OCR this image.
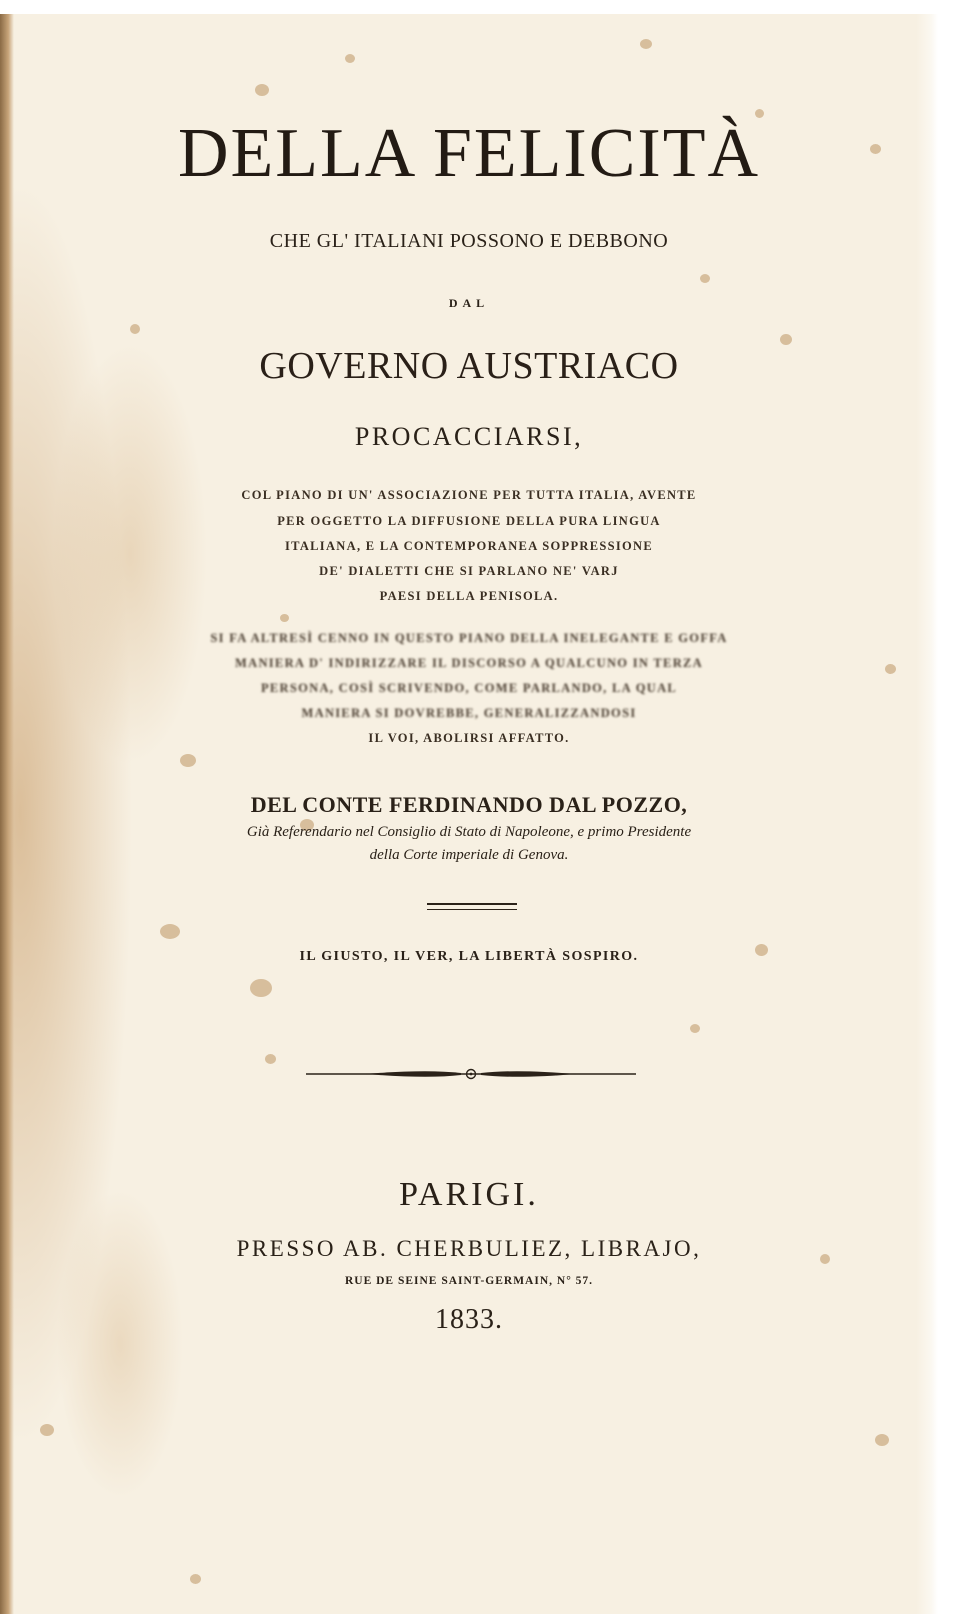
DELLA FELICITÀ
CHE GL' ITALIANI POSSONO E DEBBONO
DAL
GOVERNO AUSTRIACO
PROCACCIARSI,
COL PIANO DI UN' ASSOCIAZIONE PER TUTTA ITALIA, AVENTE
PER OGGETTO LA DIFFUSIONE DELLA PURA LINGUA
ITALIANA, E LA CONTEMPORANEA SOPPRESSIONE
DE' DIALETTI CHE SI PARLANO NE' VARJ
PAESI DELLA PENISOLA.
SI FA ALTRESÌ CENNO IN QUESTO PIANO DELLA INELEGANTE E GOFFA
MANIERA D' INDIRIZZARE IL DISCORSO A QUALCUNO IN TERZA
PERSONA, COSÌ SCRIVENDO, COME PARLANDO, LA QUAL
MANIERA SI DOVREBBE, GENERALIZZANDOSI
IL VOI, ABOLIRSI AFFATTO.
DEL CONTE FERDINANDO DAL POZZO,
Già Referendario nel Consiglio di Stato di Napoleone, e primo Presidente
della Corte imperiale di Genova.
IL GIUSTO, IL VER, LA LIBERTÀ SOSPIRO.
PARIGI.
PRESSO AB. CHERBULIEZ, LIBRAJO,
RUE DE SEINE SAINT-GERMAIN, N° 57.
1833.
